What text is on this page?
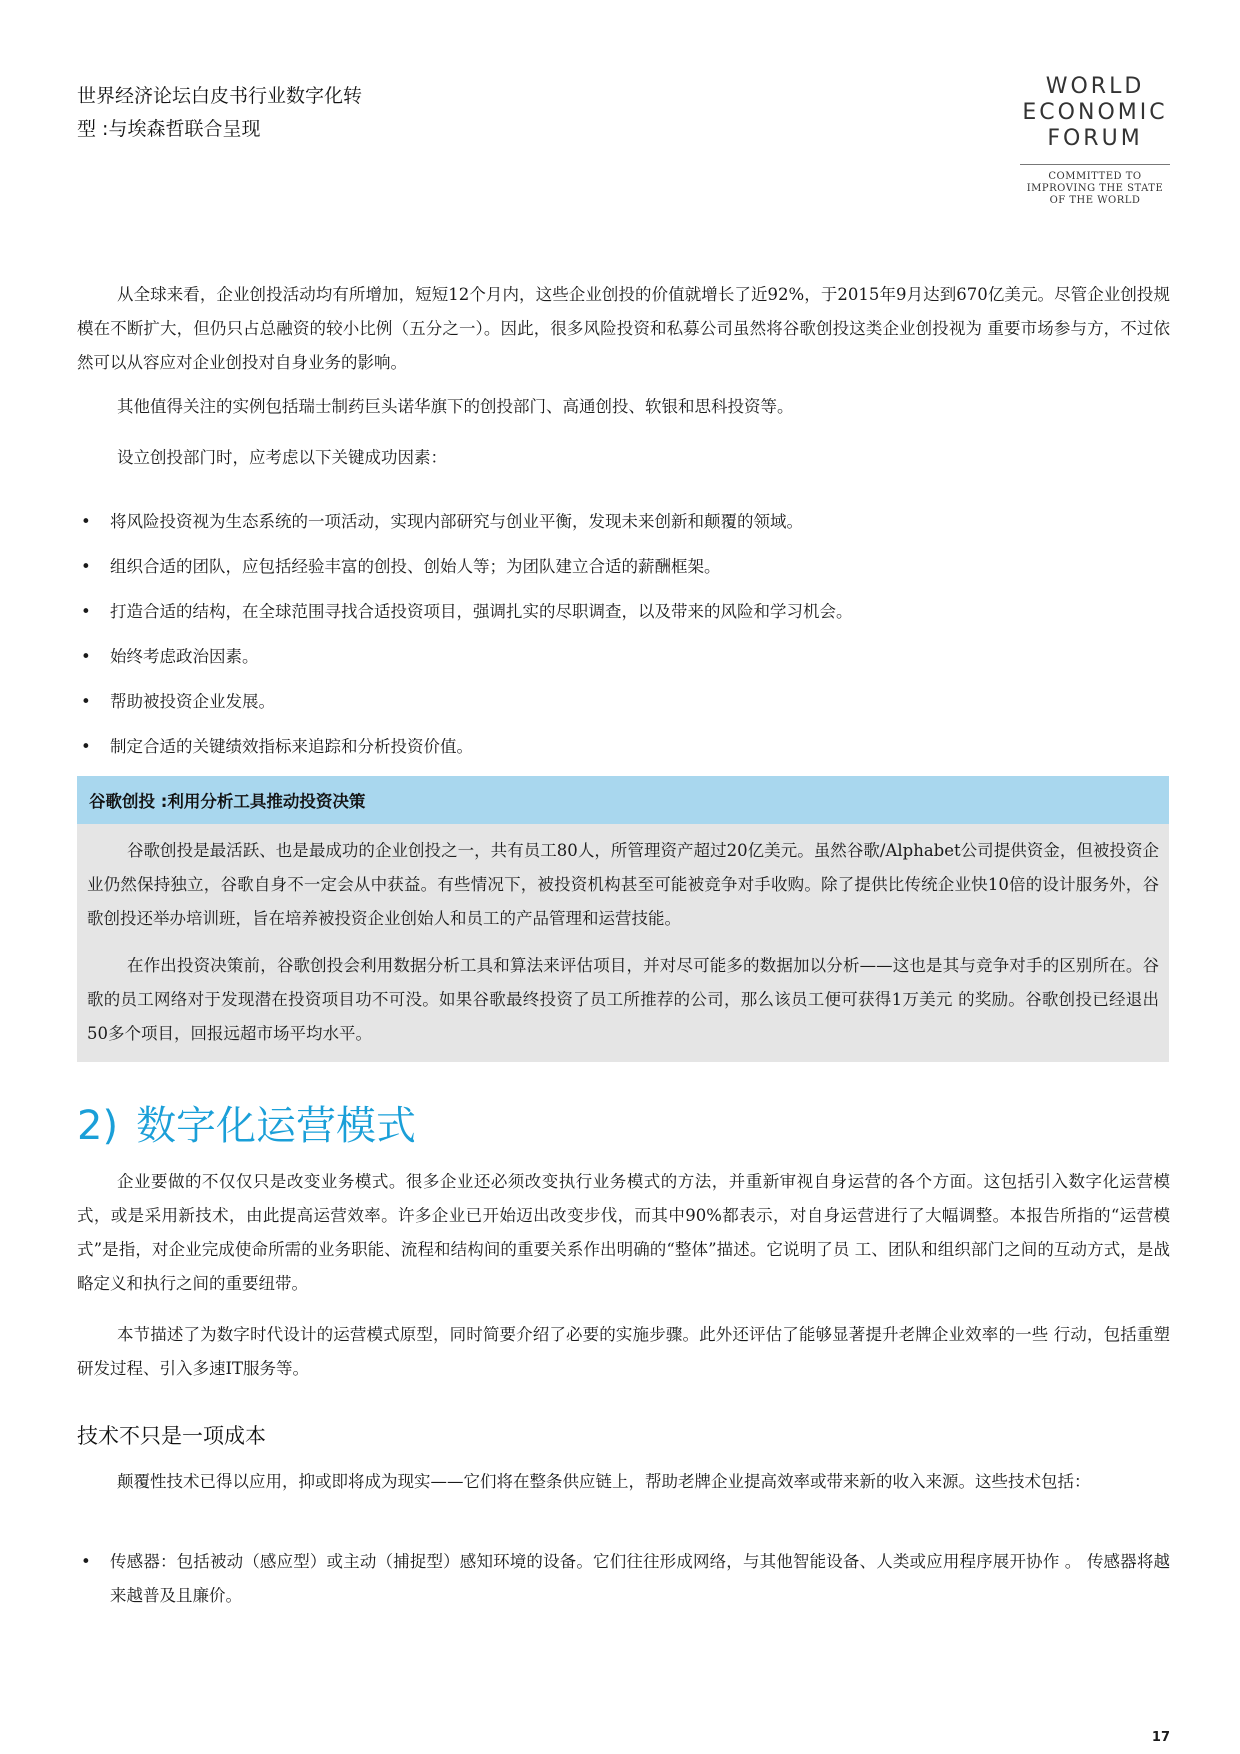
世界经济论坛白皮书行业数字化转
型 :与埃森哲联合呈现
WORLD
ECONOMIC
FORUM
COMMITTED TO
IMPROVING THE STATE
OF THE WORLD

从全球来看，企业创投活动均有所增加，短短12个月内，这些企业创投的价值就增长了近92%，于2015年9月达到670亿美元。尽管企业创投规模在不断扩大，但仍只占总融资的较小比例（五分之一）。因此，很多风险投资和私募公司虽然将谷歌创投这类企业创投视为 重要市场参与方，不过依然可以从容应对企业创投对自身业务的影响。

其他值得关注的实例包括瑞士制药巨头诺华旗下的创投部门、高通创投、软银和思科投资等。

设立创投部门时，应考虑以下关键成功因素：

• 将风险投资视为生态系统的一项活动，实现内部研究与创业平衡，发现未来创新和颠覆的领域。
• 组织合适的团队，应包括经验丰富的创投、创始人等；为团队建立合适的薪酬框架。
• 打造合适的结构，在全球范围寻找合适投资项目，强调扎实的尽职调查，以及带来的风险和学习机会。
• 始终考虑政治因素。
• 帮助被投资企业发展。
• 制定合适的关键绩效指标来追踪和分析投资价值。
谷歌创投 :利用分析工具推动投资决策

谷歌创投是最活跃、也是最成功的企业创投之一，共有员工80人，所管理资产超过20亿美元。虽然谷歌/Alphabet公司提供资金，但被投资企业仍然保持独立，谷歌自身不一定会从中获益。有些情况下，被投资机构甚至可能被竞争对手收购。除了提供比传统企业快10倍的设计服务外，谷歌创投还举办培训班，旨在培养被投资企业创始人和员工的产品管理和运营技能。

在作出投资决策前，谷歌创投会利用数据分析工具和算法来评估项目，并对尽可能多的数据加以分析——这也是其与竞争对手的区别所在。谷歌的员工网络对于发现潜在投资项目功不可没。如果谷歌最终投资了员工所推荐的公司，那么该员工便可获得1万美元 的奖励。谷歌创投已经退出50多个项目，回报远超市场平均水平。

2) 数字化运营模式

企业要做的不仅仅只是改变业务模式。很多企业还必须改变执行业务模式的方法，并重新审视自身运营的各个方面。这包括引入数字化运营模式，或是采用新技术，由此提高运营效率。许多企业已开始迈出改变步伐，而其中90%都表示，对自身运营进行了大幅调整。本报告所指的“运营模式”是指，对企业完成使命所需的业务职能、流程和结构间的重要关系作出明确的“整体”描述。它说明了员 工、团队和组织部门之间的互动方式，是战略定义和执行之间的重要纽带。

本节描述了为数字时代设计的运营模式原型，同时简要介绍了必要的实施步骤。此外还评估了能够显著提升老牌企业效率的一些 行动，包括重塑研发过程、引入多速IT服务等。

技术不只是一项成本

颠覆性技术已得以应用，抑或即将成为现实——它们将在整条供应链上，帮助老牌企业提高效率或带来新的收入来源。这些技术包括：

• 传感器：包括被动（感应型）或主动（捕捉型）感知环境的设备。它们往往形成网络，与其他智能设备、人类或应用程序展开协作 。 传感器将越来越普及且廉价。
17
